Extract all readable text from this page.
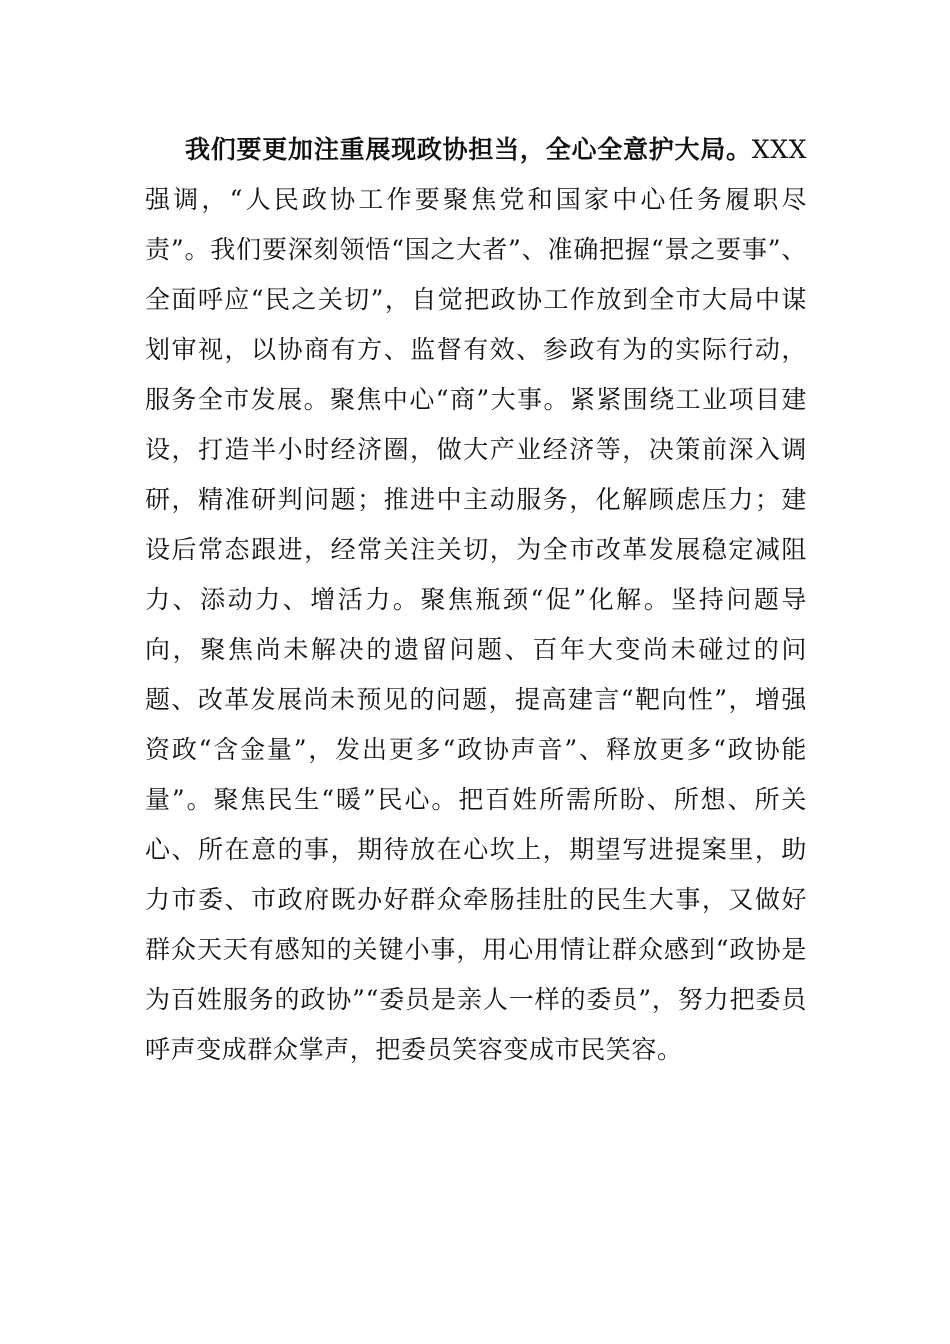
我们要更加注重展现政协担当，全心全意护大局。XXX强调，“人民政协工作要聚焦党和国家中心任务履职尽责”。我们要深刻领悟“国之大者”、准确把握“景之要事”、全面呼应“民之关切”，自觉把政协工作放到全市大局中谋划审视，以协商有方、监督有效、参政有为的实际行动，服务全市发展。聚焦中心“商”大事。紧紧围绕工业项目建设，打造半小时经济圈，做大产业经济等，决策前深入调研，精准研判问题；推进中主动服务，化解顾虑压力；建设后常态跟进，经常关注关切，为全市改革发展稳定减阻力、添动力、增活力。聚焦瓶颈“促”化解。坚持问题导向，聚焦尚未解决的遗留问题、百年大变尚未碰过的问题、改革发展尚未预见的问题，提高建言“靶向性”，增强资政“含金量”，发出更多“政协声音”、释放更多“政协能量”。聚焦民生“暖”民心。把百姓所需所盼、所想、所关心、所在意的事，期待放在心坎上，期望写进提案里，助力市委、市政府既办好群众牵肠挂肚的民生大事，又做好群众天天有感知的关键小事，用心用情让群众感到“政协是为百姓服务的政协”“委员是亲人一样的委员”，努力把委员呼声变成群众掌声，把委员笑容变成市民笑容。
